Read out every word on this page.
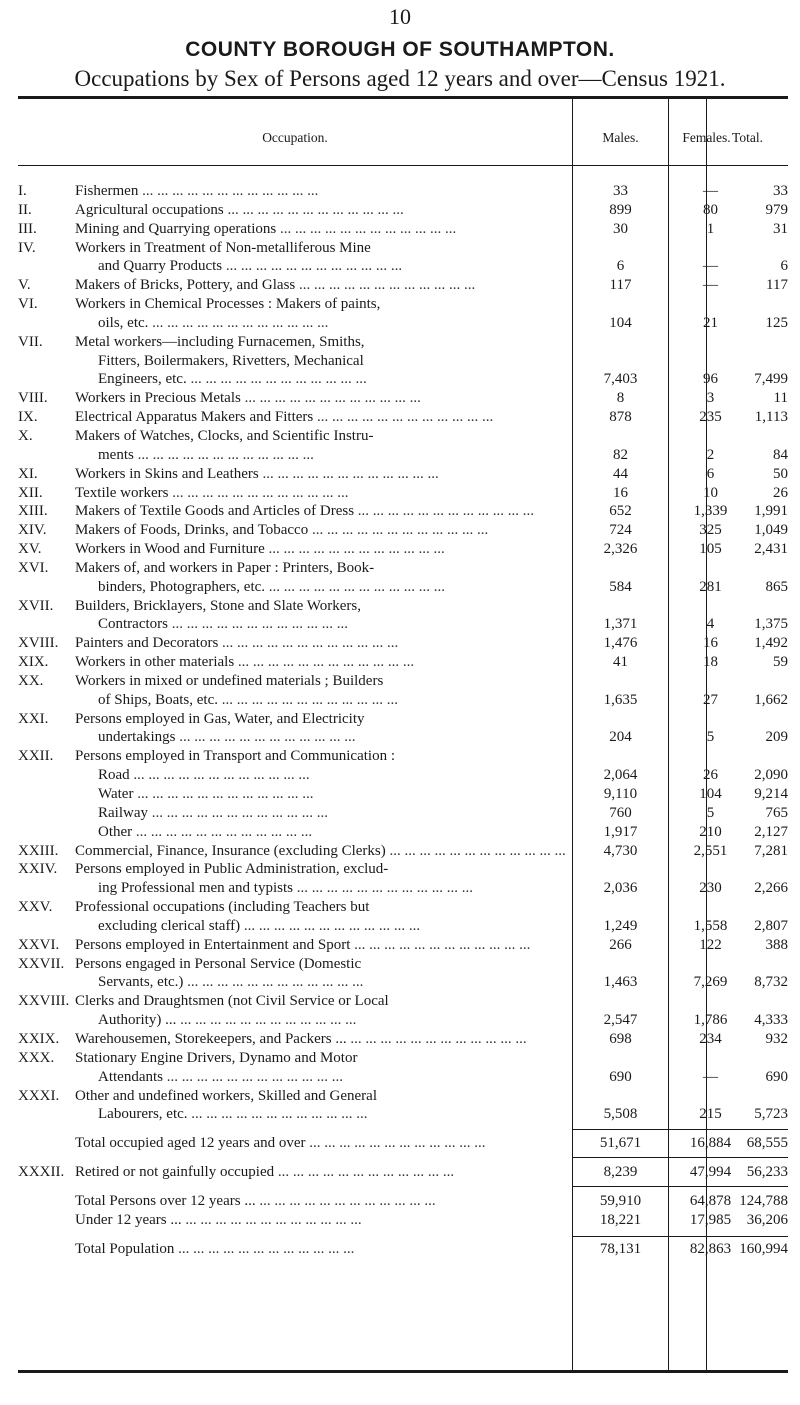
10
COUNTY BOROUGH OF SOUTHAMPTON.
Occupations by Sex of Persons aged 12 years and over—Census 1921.
Occupation.	Males.	Females. Total.
I.	Fishermen ... ... ... ... ... ... ... ... ... ... ... ...	33	—	33
II.	Agricultural occupations ... ... ... ... ... ... ... ... ... ... ... ...	899	80	979
III.	Mining and Quarrying operations ... ... ... ... ... ... ... ... ... ... ... ...	30	1	31
IV.	Workers in Treatment of Non-metalliferous Mine
and Quarry Products ... ... ... ... ... ... ... ... ... ... ... ...	6	—	6
V.	Makers of Bricks, Pottery, and Glass ... ... ... ... ... ... ... ... ... ... ... ...	117	—	117
VI.	Workers in Chemical Processes : Makers of paints,
oils, etc. ... ... ... ... ... ... ... ... ... ... ... ...	104	21	125
VII.	Metal workers—including Furnacemen, Smiths,
Fitters, Boilermakers, Rivetters, Mechanical
Engineers, etc. ... ... ... ... ... ... ... ... ... ... ... ...	7,403	96	7,499
VIII.	Workers in Precious Metals ... ... ... ... ... ... ... ... ... ... ... ...	8	3	11
IX.	Electrical Apparatus Makers and Fitters ... ... ... ... ... ... ... ... ... ... ... ...	878	235	1,113
X.	Makers of Watches, Clocks, and Scientific Instru-
ments ... ... ... ... ... ... ... ... ... ... ... ...	82	2	84
XI.	Workers in Skins and Leathers ... ... ... ... ... ... ... ... ... ... ... ...	44	6	50
XII.	Textile workers ... ... ... ... ... ... ... ... ... ... ... ...	16	10	26
XIII.	Makers of Textile Goods and Articles of Dress ... ... ... ... ... ... ... ... ... ... ... ...	652	1,339	1,991
XIV.	Makers of Foods, Drinks, and Tobacco ... ... ... ... ... ... ... ... ... ... ... ...	724	325	1,049
XV.	Workers in Wood and Furniture ... ... ... ... ... ... ... ... ... ... ... ...	2,326	105	2,431
XVI.	Makers of, and workers in Paper : Printers, Book-
binders, Photographers, etc. ... ... ... ... ... ... ... ... ... ... ... ...	584	281	865
XVII.	Builders, Bricklayers, Stone and Slate Workers,
Contractors ... ... ... ... ... ... ... ... ... ... ... ...	1,371	4	1,375
XVIII.	Painters and Decorators ... ... ... ... ... ... ... ... ... ... ... ...	1,476	16	1,492
XIX.	Workers in other materials ... ... ... ... ... ... ... ... ... ... ... ...	41	18	59
XX.	Workers in mixed or undefined materials ; Builders
of Ships, Boats, etc. ... ... ... ... ... ... ... ... ... ... ... ...	1,635	27	1,662
XXI.	Persons employed in Gas, Water, and Electricity
undertakings ... ... ... ... ... ... ... ... ... ... ... ...	204	5	209
XXII.	Persons employed in Transport and Communication :
Road ... ... ... ... ... ... ... ... ... ... ... ...	2,064	26	2,090
Water ... ... ... ... ... ... ... ... ... ... ... ...	9,110	104	9,214
Railway ... ... ... ... ... ... ... ... ... ... ... ...	760	5	765
Other ... ... ... ... ... ... ... ... ... ... ... ...	1,917	210	2,127
XXIII.	Commercial, Finance, Insurance (excluding Clerks) ... ... ... ... ... ... ... ... ... ... ... ...	4,730	2,551	7,281
XXIV.	Persons employed in Public Administration, exclud-
ing Professional men and typists ... ... ... ... ... ... ... ... ... ... ... ...	2,036	230	2,266
XXV.	Professional occupations (including Teachers but
excluding clerical staff) ... ... ... ... ... ... ... ... ... ... ... ...	1,249	1,558	2,807
XXVI.	Persons employed in Entertainment and Sport ... ... ... ... ... ... ... ... ... ... ... ...	266	122	388
XXVII. Persons engaged in Personal Service (Domestic
Servants, etc.) ... ... ... ... ... ... ... ... ... ... ... ...	1,463	7,269	8,732
XXVIII. Clerks and Draughtsmen (not Civil Service or Local
Authority) ... ... ... ... ... ... ... ... ... ... ... ... ...	2,547	1,786	4,333
XXIX.	Warehousemen, Storekeepers, and Packers ... ... ... ... ... ... ... ... ... ... ... ... ...	698	234	932
XXX.	Stationary Engine Drivers, Dynamo and Motor
Attendants ... ... ... ... ... ... ... ... ... ... ... ...	690	—	690
XXXI.	Other and undefined workers, Skilled and General
Labourers, etc. ... ... ... ... ... ... ... ... ... ... ... ...	5,508	215	5,723
Total occupied aged 12 years and over ... ... ... ... ... ... ... ... ... ... ... ...	51,671	16,884	68,555
XXXII. Retired or not gainfully occupied ... ... ... ... ... ... ... ... ... ... ... ...	8,239	47,994	56,233
Total Persons over 12 years ... ... ... ... ... ... ... ... ... ... ... ... ...	59,910	64,878 124,788
Under 12 years ... ... ... ... ... ... ... ... ... ... ... ... ...	18,221	17,985	36,206
Total Population ... ... ... ... ... ... ... ... ... ... ... ...	78,131	82,863 160,994
